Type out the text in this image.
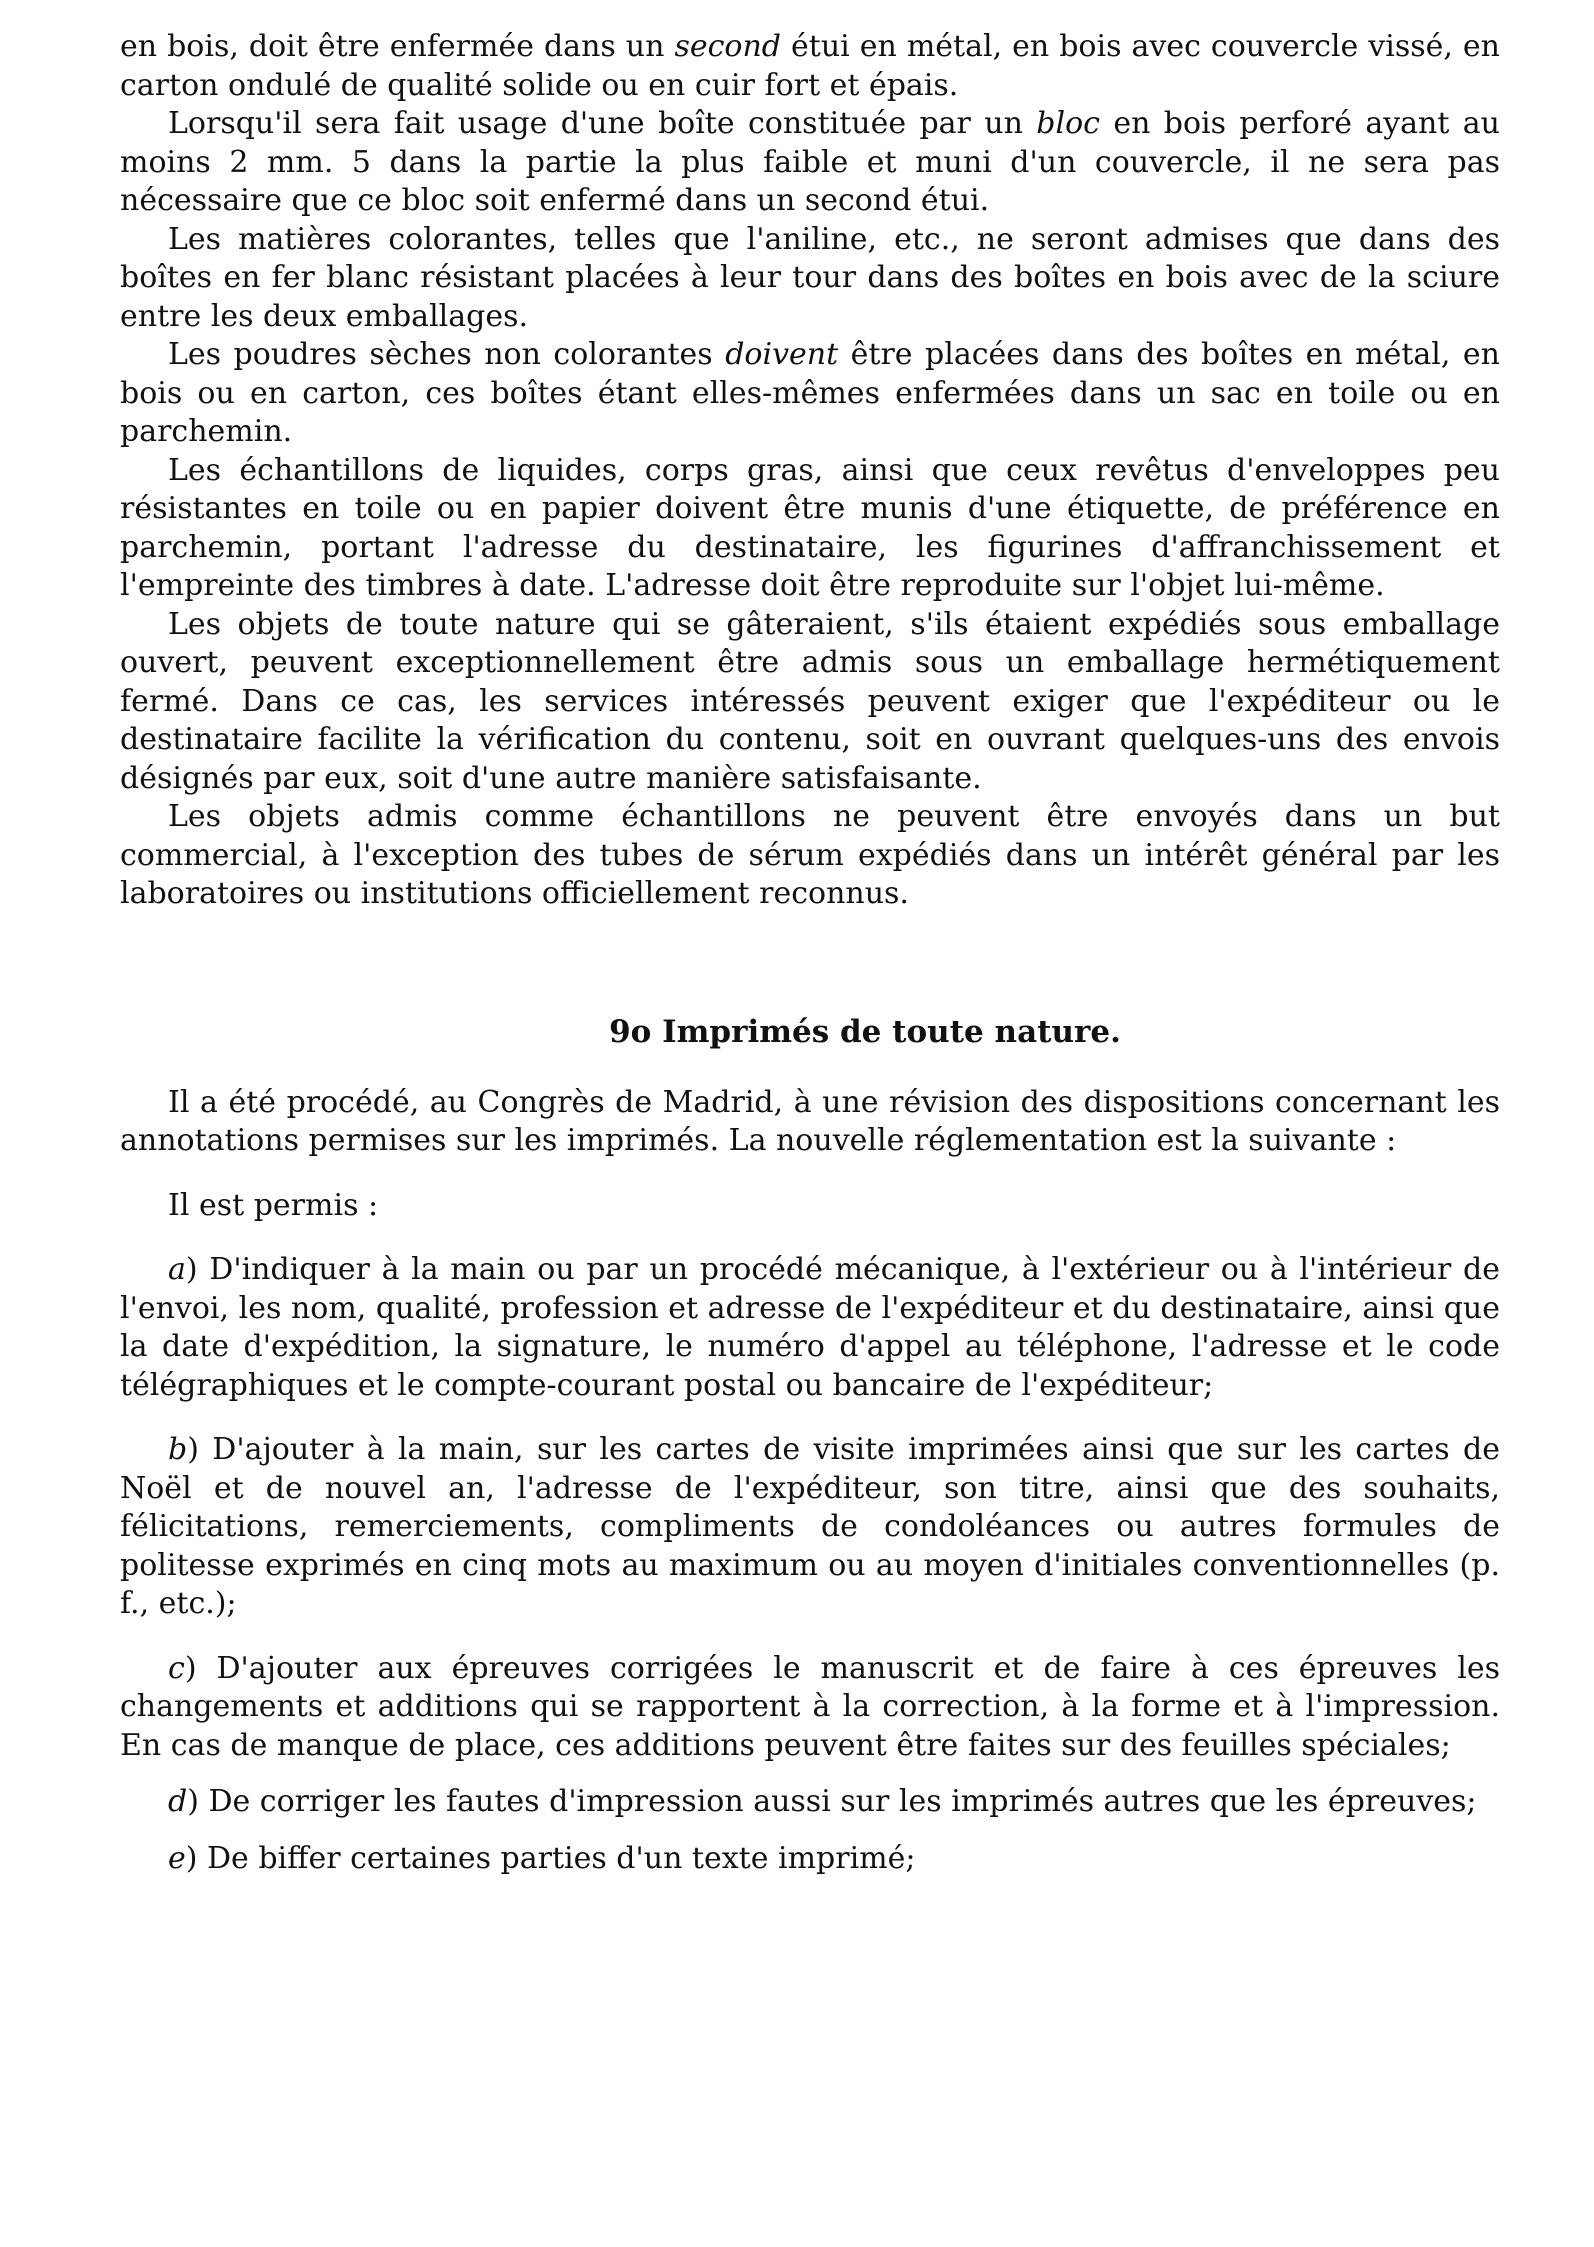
en bois, doit être enfermée dans un second étui en métal, en bois avec couvercle vissé, en carton ondulé de qualité solide ou en cuir fort et épais.

Lorsqu'il sera fait usage d'une boîte constituée par un bloc en bois perforé ayant au moins 2 mm. 5 dans la partie la plus faible et muni d'un couvercle, il ne sera pas nécessaire que ce bloc soit enfermé dans un second étui.

Les matières colorantes, telles que l'aniline, etc., ne seront admises que dans des boîtes en fer blanc résistant placées à leur tour dans des boîtes en bois avec de la sciure entre les deux emballages.

Les poudres sèches non colorantes doivent être placées dans des boîtes en métal, en bois ou en carton, ces boîtes étant elles-mêmes enfermées dans un sac en toile ou en parchemin.

Les échantillons de liquides, corps gras, ainsi que ceux revêtus d'enveloppes peu résistantes en toile ou en papier doivent être munis d'une étiquette, de préférence en parchemin, portant l'adresse du destinataire, les figurines d'affranchissement et l'empreinte des timbres à date. L'adresse doit être reproduite sur l'objet lui-même.

Les objets de toute nature qui se gâteraient, s'ils étaient expédiés sous emballage ouvert, peuvent exceptionnellement être admis sous un emballage hermétiquement fermé. Dans ce cas, les services intéressés peuvent exiger que l'expéditeur ou le destinataire facilite la vérification du contenu, soit en ouvrant quelques-uns des envois désignés par eux, soit d'une autre manière satisfaisante.

Les objets admis comme échantillons ne peuvent être envoyés dans un but commercial, à l'exception des tubes de sérum expédiés dans un intérêt général par les laboratoires ou institutions officiellement reconnus.

9o Imprimés de toute nature.

Il a été procédé, au Congrès de Madrid, à une révision des dispositions concernant les annotations permises sur les imprimés. La nouvelle réglementation est la suivante :

Il est permis :

a) D'indiquer à la main ou par un procédé mécanique, à l'extérieur ou à l'intérieur de l'envoi, les nom, qualité, profession et adresse de l'expéditeur et du destinataire, ainsi que la date d'expédition, la signature, le numéro d'appel au téléphone, l'adresse et le code télégraphiques et le compte-courant postal ou bancaire de l'expéditeur;

b) D'ajouter à la main, sur les cartes de visite imprimées ainsi que sur les cartes de Noël et de nouvel an, l'adresse de l'expéditeur, son titre, ainsi que des souhaits, félicitations, remerciements, compliments de condoléances ou autres formules de politesse exprimés en cinq mots au maximum ou au moyen d'initiales conventionnelles (p. f., etc.);

c) D'ajouter aux épreuves corrigées le manuscrit et de faire à ces épreuves les changements et additions qui se rapportent à la correction, à la forme et à l'impression. En cas de manque de place, ces additions peuvent être faites sur des feuilles spéciales;

d) De corriger les fautes d'impression aussi sur les imprimés autres que les épreuves;

e) De biffer certaines parties d'un texte imprimé;
